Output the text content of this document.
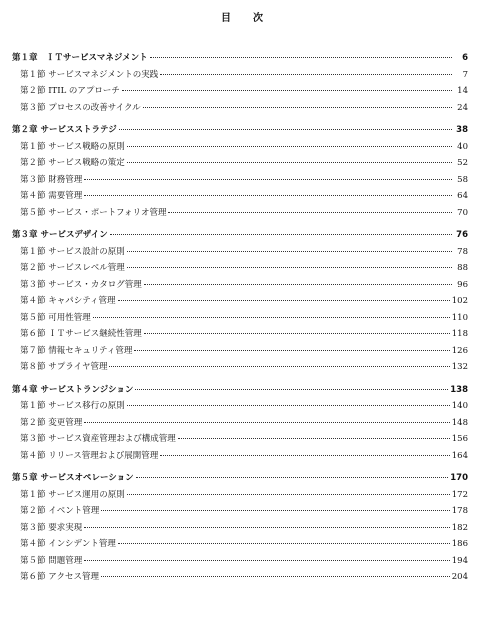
目　次
第１章　ＩＴサービスマネジメント	6
第１節 サービスマネジメントの実践	7
第２節 ITIL のアプローチ	14
第３節 プロセスの改善サイクル	24
第２章 サービスストラテジ	38
第１節 サービス戦略の原則	40
第２節 サービス戦略の策定	52
第３節 財務管理	58
第４節 需要管理	64
第５節 サービス・ポートフォリオ管理	70
第３章 サービスデザイン	76
第１節 サービス設計の原則	78
第２節 サービスレベル管理	88
第３節 サービス・カタログ管理	96
第４節 キャパシティ管理	102
第５節 可用性管理	110
第６節 ＩＴサービス継続性管理	118
第７節 情報セキュリティ管理	126
第８節 サプライヤ管理	132
第４章 サービストランジション	138
第１節 サービス移行の原則	140
第２節 変更管理	148
第３節 サービス資産管理および構成管理	156
第４節 リリース管理および展開管理	164
第５章 サービスオペレーション	170
第１節 サービス運用の原則	172
第２節 イベント管理	178
第３節 要求実現	182
第４節 インシデント管理	186
第５節 問題管理	194
第６節 アクセス管理	204
